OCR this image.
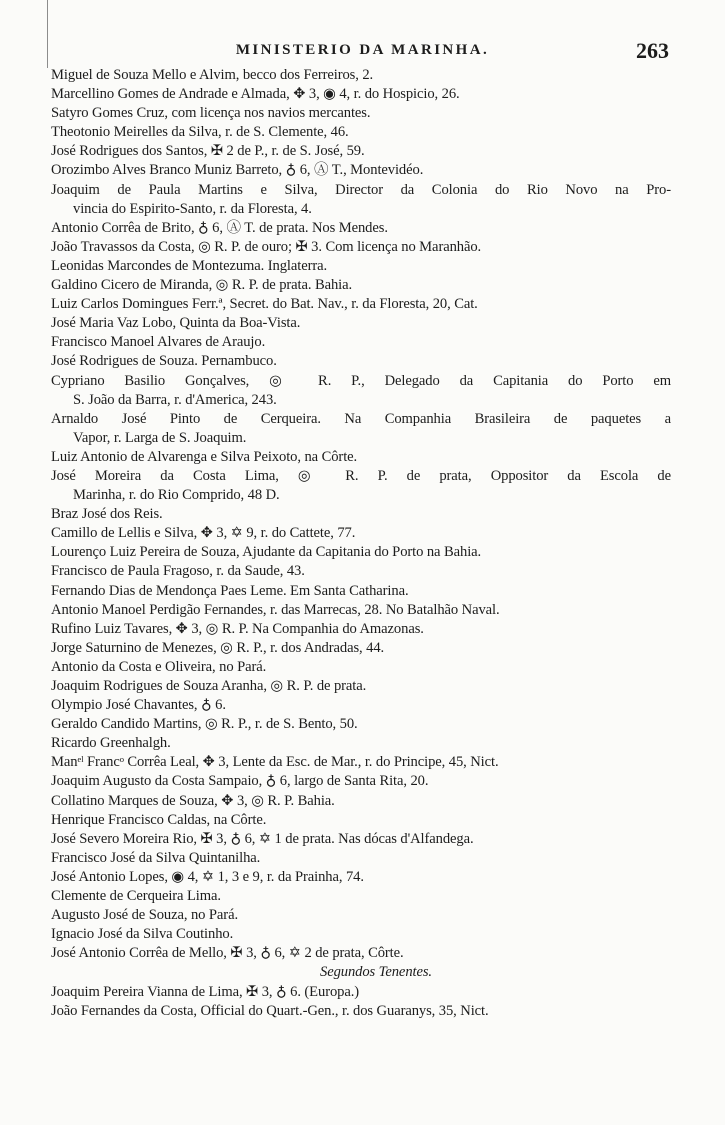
MINISTERIO DA MARINHA.	263
Miguel de Souza Mello e Alvim, becco dos Ferreiros, 2.
Marcellino Gomes de Andrade e Almada, ✥ 3, ◉ 4, r. do Hospicio, 26.
Satyro Gomes Cruz, com licença nos navios mercantes.
Theotonio Meirelles da Silva, r. de S. Clemente, 46.
José Rodrigues dos Santos, ✠ 2 de P., r. de S. José, 59.
Orozimbo Alves Branco Muniz Barreto, ♁ 6, Ⓐ T., Montevidéo.
Joaquim de Paula Martins e Silva, Director da Colonia do Rio Novo na Pro-
vincia do Espirito-Santo, r. da Floresta, 4.
Antonio Corrêa de Brito, ♁ 6, Ⓐ T. de prata. Nos Mendes.
João Travassos da Costa, ◎ R. P. de ouro; ✠ 3. Com licença no Maranhão.
Leonidas Marcondes de Montezuma. Inglaterra.
Galdino Cicero de Miranda, ◎ R. P. de prata. Bahia.
Luiz Carlos Domingues Ferr.ª, Secret. do Bat. Nav., r. da Floresta, 20, Cat.
José Maria Vaz Lobo, Quinta da Boa-Vista.
Francisco Manoel Alvares de Araujo.
José Rodrigues de Souza. Pernambuco.
Cypriano Basilio Gonçalves, ◎ R. P., Delegado da Capitania do Porto em
S. João da Barra, r. d'America, 243.
Arnaldo José Pinto de Cerqueira. Na Companhia Brasileira de paquetes a
Vapor, r. Larga de S. Joaquim.
Luiz Antonio de Alvarenga e Silva Peixoto, na Côrte.
José Moreira da Costa Lima, ◎ R. P. de prata, Oppositor da Escola de
Marinha, r. do Rio Comprido, 48 D.
Braz José dos Reis.
Camillo de Lellis e Silva, ✥ 3, ✡ 9, r. do Cattete, 77.
Lourenço Luiz Pereira de Souza, Ajudante da Capitania do Porto na Bahia.
Francisco de Paula Fragoso, r. da Saude, 43.
Fernando Dias de Mendonça Paes Leme. Em Santa Catharina.
Antonio Manoel Perdigão Fernandes, r. das Marrecas, 28. No Batalhão Naval.
Rufino Luiz Tavares, ✥ 3, ◎ R. P. Na Companhia do Amazonas.
Jorge Saturnino de Menezes, ◎ R. P., r. dos Andradas, 44.
Antonio da Costa e Oliveira, no Pará.
Joaquim Rodrigues de Souza Aranha, ◎ R. P. de prata.
Olympio José Chavantes, ♁ 6.
Geraldo Candido Martins, ◎ R. P., r. de S. Bento, 50.
Ricardo Greenhalgh.
Manᵉˡ Francᵒ Corrêa Leal, ✥ 3, Lente da Esc. de Mar., r. do Principe, 45, Nict.
Joaquim Augusto da Costa Sampaio, ♁ 6, largo de Santa Rita, 20.
Collatino Marques de Souza, ✥ 3, ◎ R. P. Bahia.
Henrique Francisco Caldas, na Côrte.
José Severo Moreira Rio, ✠ 3, ♁ 6, ✡ 1 de prata. Nas dócas d'Alfandega.
Francisco José da Silva Quintanilha.
José Antonio Lopes, ◉ 4, ✡ 1, 3 e 9, r. da Prainha, 74.
Clemente de Cerqueira Lima.
Augusto José de Souza, no Pará.
Ignacio José da Silva Coutinho.
José Antonio Corrêa de Mello, ✠ 3, ♁ 6, ✡ 2 de prata, Côrte.
Segundos Tenentes.
Joaquim Pereira Vianna de Lima, ✠ 3, ♁ 6. (Europa.)
João Fernandes da Costa, Official do Quart.-Gen., r. dos Guaranys, 35, Nict.
